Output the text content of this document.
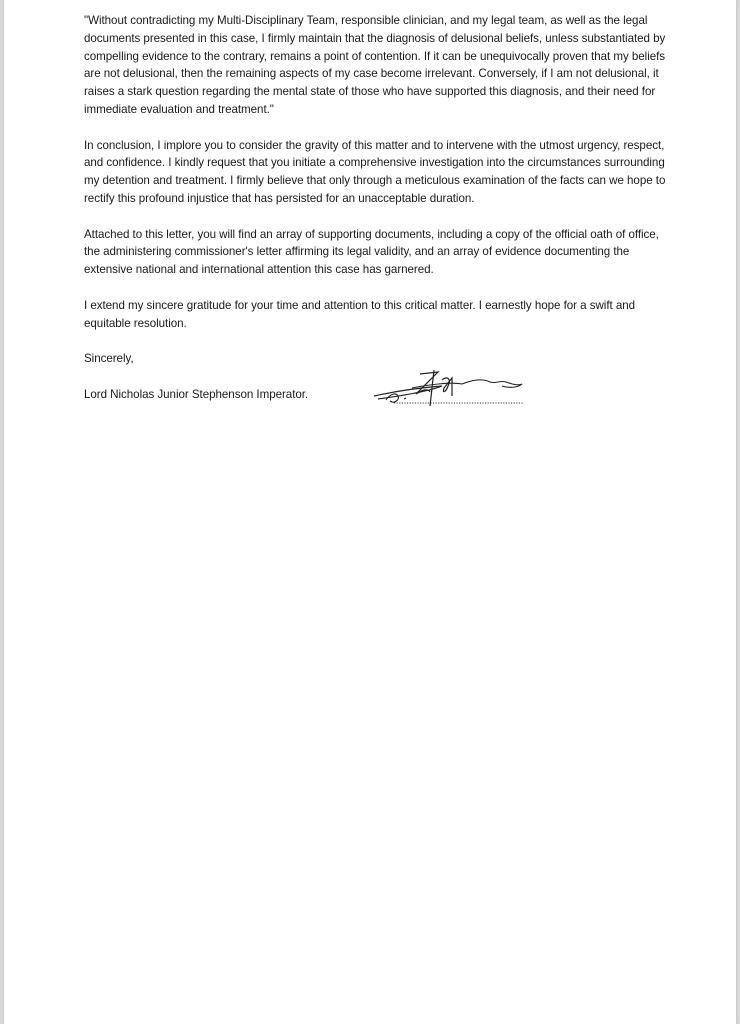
"Without contradicting my Multi-Disciplinary Team, responsible clinician, and my legal team, as well as the legal documents presented in this case, I firmly maintain that the diagnosis of delusional beliefs, unless substantiated by compelling evidence to the contrary, remains a point of contention. If it can be unequivocally proven that my beliefs are not delusional, then the remaining aspects of my case become irrelevant. Conversely, if I am not delusional, it raises a stark question regarding the mental state of those who have supported this diagnosis, and their need for immediate evaluation and treatment."

In conclusion, I implore you to consider the gravity of this matter and to intervene with the utmost urgency, respect, and confidence. I kindly request that you initiate a comprehensive investigation into the circumstances surrounding my detention and treatment. I firmly believe that only through a meticulous examination of the facts can we hope to rectify this profound injustice that has persisted for an unacceptable duration.

Attached to this letter, you will find an array of supporting documents, including a copy of the official oath of office, the administering commissioner's letter affirming its legal validity, and an array of evidence documenting the extensive national and international attention this case has garnered.

I extend my sincere gratitude for your time and attention to this critical matter. I earnestly hope for a swift and equitable resolution.

Sincerely,

Lord Nicholas Junior Stephenson Imperator.
